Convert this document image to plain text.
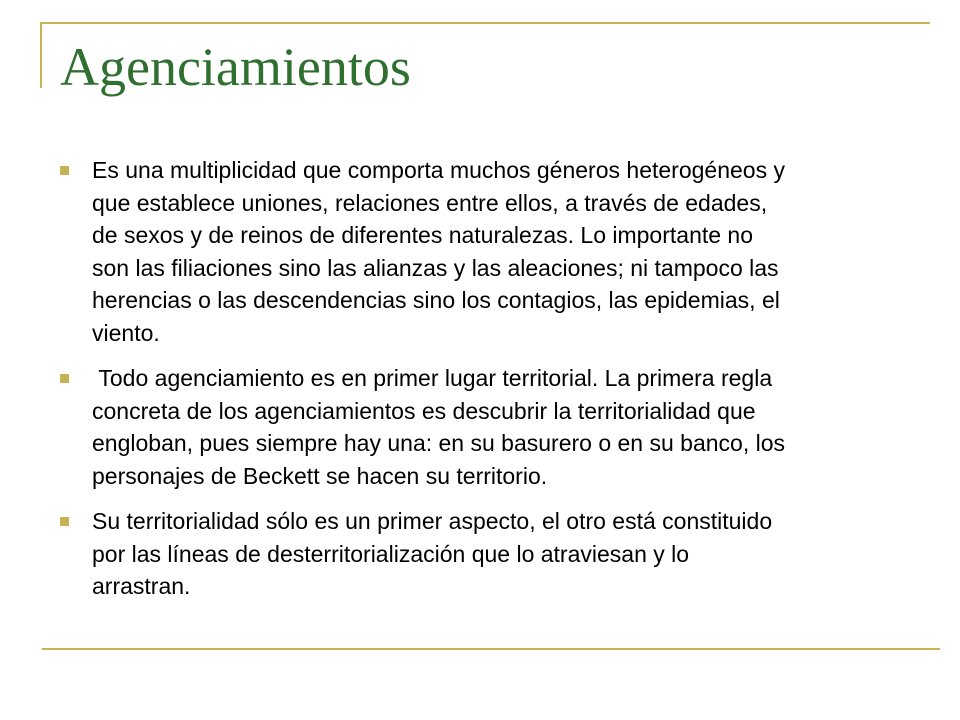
Agenciamientos
Es una multiplicidad que comporta muchos géneros heterogéneos y
que establece uniones, relaciones entre ellos, a través de edades,
de sexos y de reinos de diferentes naturalezas. Lo importante no
son las filiaciones sino las alianzas y las aleaciones; ni tampoco las
herencias o las descendencias sino los contagios, las epidemias, el
viento.
Todo agenciamiento es en primer lugar territorial. La primera regla
concreta de los agenciamientos es descubrir la territorialidad que
engloban, pues siempre hay una: en su basurero o en su banco, los
personajes de Beckett se hacen su territorio.
Su territorialidad sólo es un primer aspecto, el otro está constituido
por las líneas de desterritorialización que lo atraviesan y lo
arrastran.
